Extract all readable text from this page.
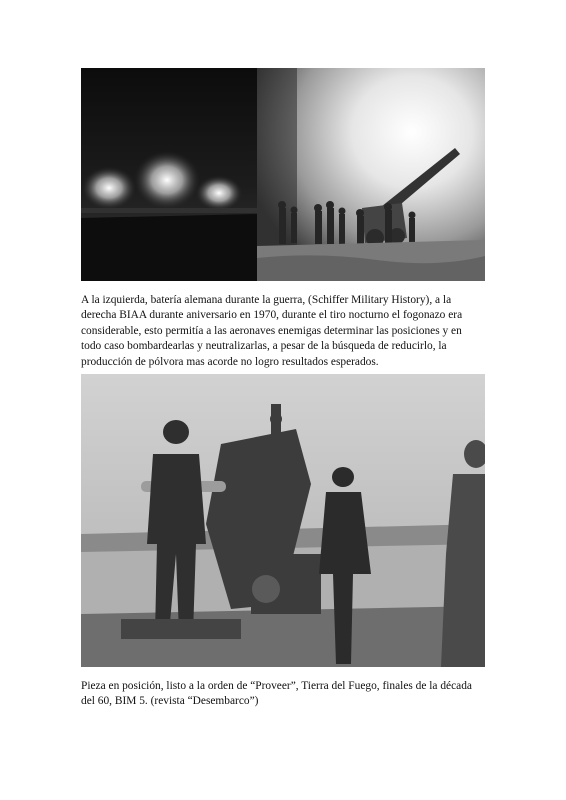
A la izquierda, batería alemana durante la guerra, (Schiffer Military History), a la
derecha BIAA durante aniversario en 1970, durante el tiro nocturno el fogonazo era
considerable, esto permitía a las aeronaves enemigas determinar las posiciones y en
todo caso bombardearlas y neutralizarlas, a pesar de la búsqueda de reducirlo, la
producción de pólvora mas acorde no logro resultados esperados.
Pieza en posición, listo a la orden de “Proveer”, Tierra del Fuego, finales de la década
del 60, BIM 5. (revista “Desembarco”)
